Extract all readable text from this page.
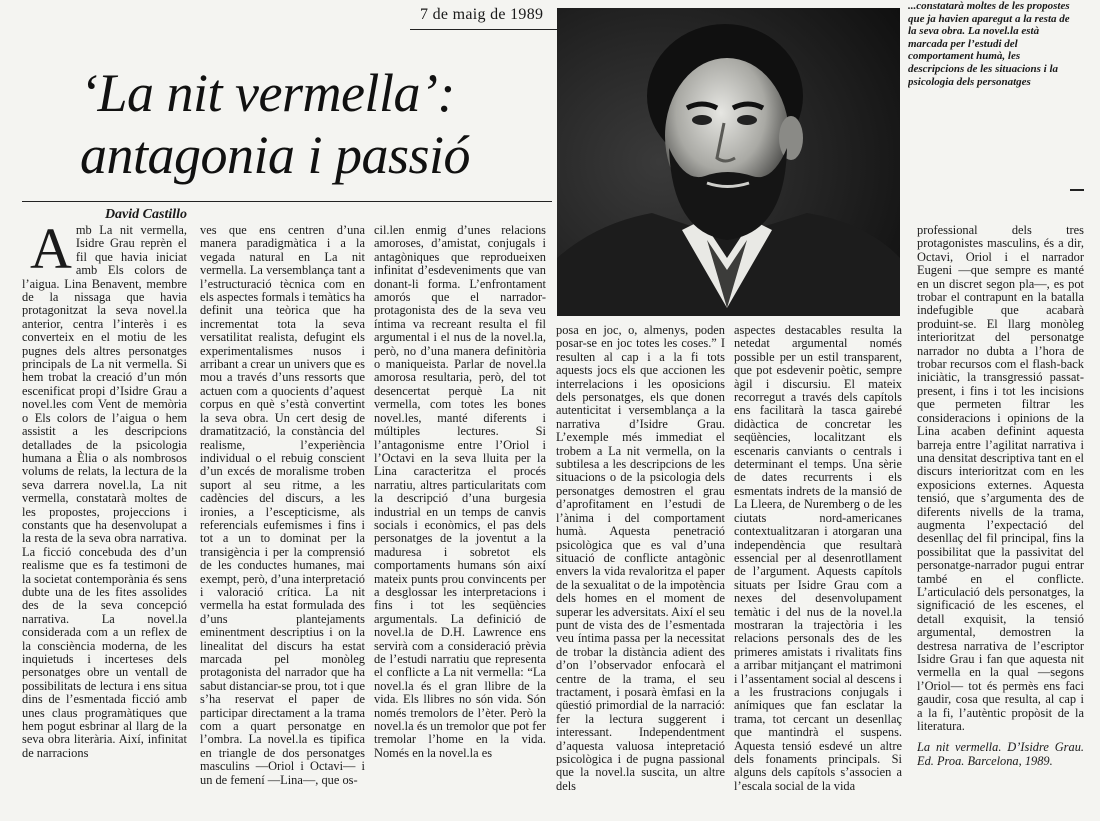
7 de maig de 1989
‘La nit vermella’:
antagonia i passió
...constatarà moltes de les propostes que ja havien aparegut a la resta de la seva obra. La novel.la està marcada per l’estudi del comportament humà, les descripcions de les situacions i la psicologia dels personatges
David Castillo
A mb La nit vermella, Isidre Grau reprèn el fil que havia iniciat amb Els colors de l’aigua. Lina Benavent, membre de la nissaga que havia protagonitzat la seva novel.la anterior, centra l’interès i es converteix en el motiu de les pugnes dels altres personatges principals de La nit vermella. Si hem trobat la creació d’un món escenificat propi d’Isidre Grau a novel.les com Vent de memòria o Els colors de l’aigua o hem assistit a les descripcions detallades de la psicologia humana a Èlia o als nombrosos volums de relats, la lectura de la seva darrera novel.la, La nit vermella, constatarà moltes de les propostes, projeccions i constants que ha desenvolupat a la resta de la seva obra narrativa. La ficció concebuda des d’un realisme que es fa testimoni de la societat contemporània és sens dubte una de les fites assolides des de la seva concepció narrativa. La novel.la considerada com a un reflex de la consciència moderna, de les inquietuds i incerteses dels personatges obre un ventall de possibilitats de lectura i ens situa dins de l’esmentada ficció amb unes claus programàtiques que hem pogut esbrinar al llarg de la seva obra literària. Així, infinitat de narracions
ves que ens centren d’una manera paradigmàtica i a la vegada natural en La nit vermella. La versemblança tant a l’estructuració tècnica com en els aspectes formals i temàtics ha definit una teòrica que ha incrementat tota la seva versatilitat realista, defugint els experimentalismes nusos i arribant a crear un univers que es mou a través d’uns ressorts que actuen com a quocients d’aquest corpus en què s’està convertint la seva obra. Un cert desig de dramatització, la constància del realisme, l’experiència individual o el rebuig conscient d’un excés de moralisme troben suport al seu ritme, a les cadències del discurs, a les ironies, a l’escepticisme, als referencials eufemismes i fins i tot a un to dominat per la transigència i per la comprensió de les conductes humanes, mai exempt, però, d’una interpretació i valoració crítica. La nit vermella ha estat formulada des d’uns plantejaments eminentment descriptius i on la linealitat del discurs ha estat marcada pel monòleg protagonista del narrador que ha sabut distanciar-se prou, tot i que s’ha reservat el paper de participar directament a la trama com a quart personatge en l’ombra. La novel.la es tipifica en triangle de dos personatges masculins —Oriol i Octavi— i un de femení —Lina—, que os-
cil.len enmig d’unes relacions amoroses, d’amistat, conjugals i antagòniques que reprodueixen infinitat d’esdeveniments que van donant-li forma. L’enfrontament amorós que el narrador-protagonista des de la seva veu íntima va recreant resulta el fil argumental i el nus de la novel.la, però, no d’una manera definitòria o maniqueista. Parlar de novel.la amorosa resultaria, però, del tot desencertat perquè La nit vermella, com totes les bones novel.les, manté diferents i múltiples lectures. Si l’antagonisme entre l’Oriol i l’Octavi en la seva lluita per la Lina caracteritza el procés narratiu, altres particularitats com la descripció d’una burgesia industrial en un temps de canvis socials i econòmics, el pas dels personatges de la joventut a la maduresa i sobretot els comportaments humans són així mateix punts prou convincents per a desglossar les interpretacions i fins i tot les seqüències argumentals. La definició de novel.la de D.H. Lawrence ens servirà com a consideració prèvia de l’estudi narratiu que representa el conflicte a La nit vermella: “La novel.la és el gran llibre de la vida. Els llibres no són vida. Són només tremolors de l’èter. Però la novel.la és un tremolor que pot fer tremolar l’home en la vida. Només en la novel.la es
posa en joc, o, almenys, poden posar-se en joc totes les coses.” I resulten al cap i a la fi tots aquests jocs els que accionen les interrelacions i les oposicions dels personatges, els que donen autenticitat i versemblança a la narrativa d’Isidre Grau. L’exemple més immediat el trobem a La nit vermella, on la subtilesa a les descripcions de les situacions o de la psicologia dels personatges demostren el grau d’aprofitament en l’estudi de l’ànima i del comportament humà. Aquesta penetració psicològica que es val d’una situació de conflicte antagònic envers la vida revaloritza el paper de la sexualitat o de la impotència dels homes en el moment de superar les adversitats. Així el seu punt de vista des de l’esmentada veu íntima passa per la necessitat de trobar la distància adient des d’on l’observador enfocarà el centre de la trama, el seu tractament, i posarà èmfasi en la qüestió primordial de la narració: fer la lectura suggerent i interessant. Independentment d’aquesta valuosa intepretació psicològica i de pugna passional que la novel.la suscita, un altre dels
aspectes destacables resulta la netedat argumental només possible per un estil transparent, que pot esdevenir poètic, sempre àgil i discursiu. El mateix recorregut a través dels capítols ens facilitarà la tasca gairebé didàctica de concretar les seqüències, localitzant els escenaris canviants o centrals i determinant el temps. Una sèrie de dates recurrents i els esmentats indrets de la mansió de La Lleera, de Nuremberg o de les ciutats nord-americanes contextualitzaran i atorgaran una independència que resultarà essencial per al desenrotllament de l’argument. Aquests capítols situats per Isidre Grau com a nexes del desenvolupament temàtic i del nus de la novel.la mostraran la trajectòria i les relacions personals des de les primeres amistats i rivalitats fins a arribar mitjançant el matrimoni i l’assentament social al descens i a les frustracions conjugals i anímiques que fan esclatar la trama, tot cercant un desenllaç que mantindrà el suspens. Aquesta tensió esdevé un altre dels fonaments principals. Si alguns dels capítols s’associen a l’escala social de la vida
professional dels tres protagonistes masculins, és a dir, Octavi, Oriol i el narrador Eugeni —que sempre es manté en un discret segon pla—, es pot trobar el contrapunt en la batalla indefugible que acabarà produint-se. El llarg monòleg interioritzat del personatge narrador no dubta a l’hora de trobar recursos com el flash-back iniciàtic, la transgressió passat-present, i fins i tot les incisions que permeten filtrar les consideracions i opinions de la Lina acaben definint aquesta barreja entre l’agilitat narrativa i una densitat descriptiva tant en el discurs interioritzat com en les exposicions externes. Aquesta tensió, que s’argumenta des de diferents nivells de la trama, augmenta l’expectació del desenllaç del fil principal, fins la possibilitat que la passivitat del personatge-narrador pugui entrar també en el conflicte. L’articulació dels personatges, la significació de les escenes, el detall exquisit, la tensió argumental, demostren la destresa narrativa de l’escriptor Isidre Grau i fan que aquesta nit vermella en la qual —segons l’Oriol— tot és permès ens faci gaudir, cosa que resulta, al cap i a la fi, l’autèntic propòsit de la literatura.
La nit vermella. D’Isidre Grau. Ed. Proa. Barcelona, 1989.
